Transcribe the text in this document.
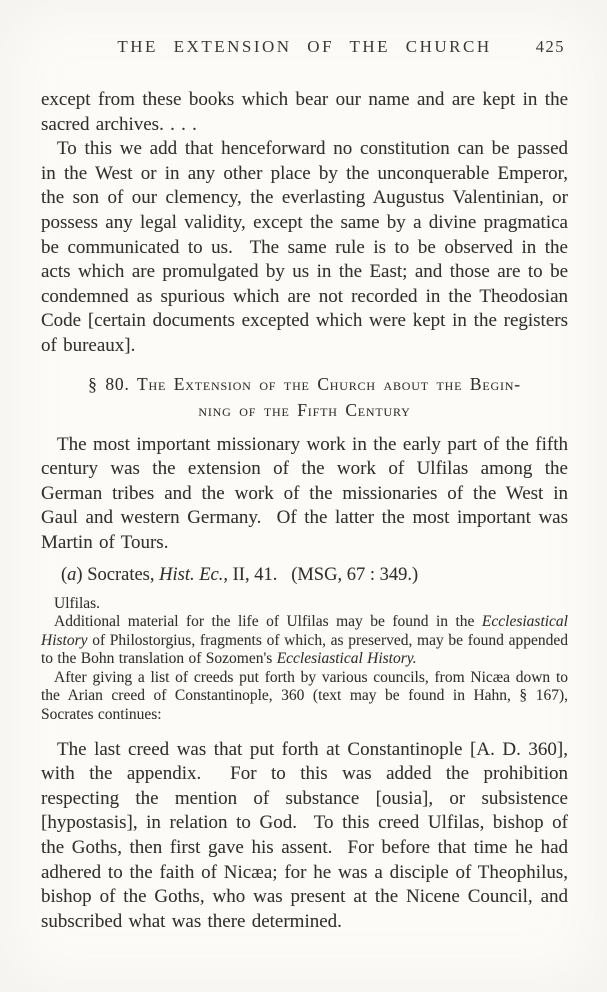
THE EXTENSION OF THE CHURCH	425

except from these books which bear our name and are kept in the sacred archives. . . .

To this we add that henceforward no constitution can be passed in the West or in any other place by the unconquerable Emperor, the son of our clemency, the everlasting Augustus Valentinian, or possess any legal validity, except the same by a divine pragmatica be communicated to us.  The same rule is to be observed in the acts which are promulgated by us in the East; and those are to be condemned as spurious which are not recorded in the Theodosian Code [certain documents excepted which were kept in the registers of bureaux].

§ 80. The Extension of the Church about the Begin-
ning of the Fifth Century

The most important missionary work in the early part of the fifth century was the extension of the work of Ulfilas among the German tribes and the work of the missionaries of the West in Gaul and western Germany.  Of the latter the most important was Martin of Tours.

(a) Socrates, Hist. Ec., II, 41.   (MSG, 67 : 349.)

Ulfilas.

Additional material for the life of Ulfilas may be found in the Ecclesiastical History of Philostorgius, fragments of which, as preserved, may be found appended to the Bohn translation of Sozomen's Ecclesiastical History.

After giving a list of creeds put forth by various councils, from Nicæa down to the Arian creed of Constantinople, 360 (text may be found in Hahn, § 167), Socrates continues:

The last creed was that put forth at Constantinople [A. D. 360], with the appendix.  For to this was added the prohibition respecting the mention of substance [ousia], or subsistence [hypostasis], in relation to God.  To this creed Ulfilas, bishop of the Goths, then first gave his assent.  For before that time he had adhered to the faith of Nicæa; for he was a disciple of Theophilus, bishop of the Goths, who was present at the Nicene Council, and subscribed what was there determined.
